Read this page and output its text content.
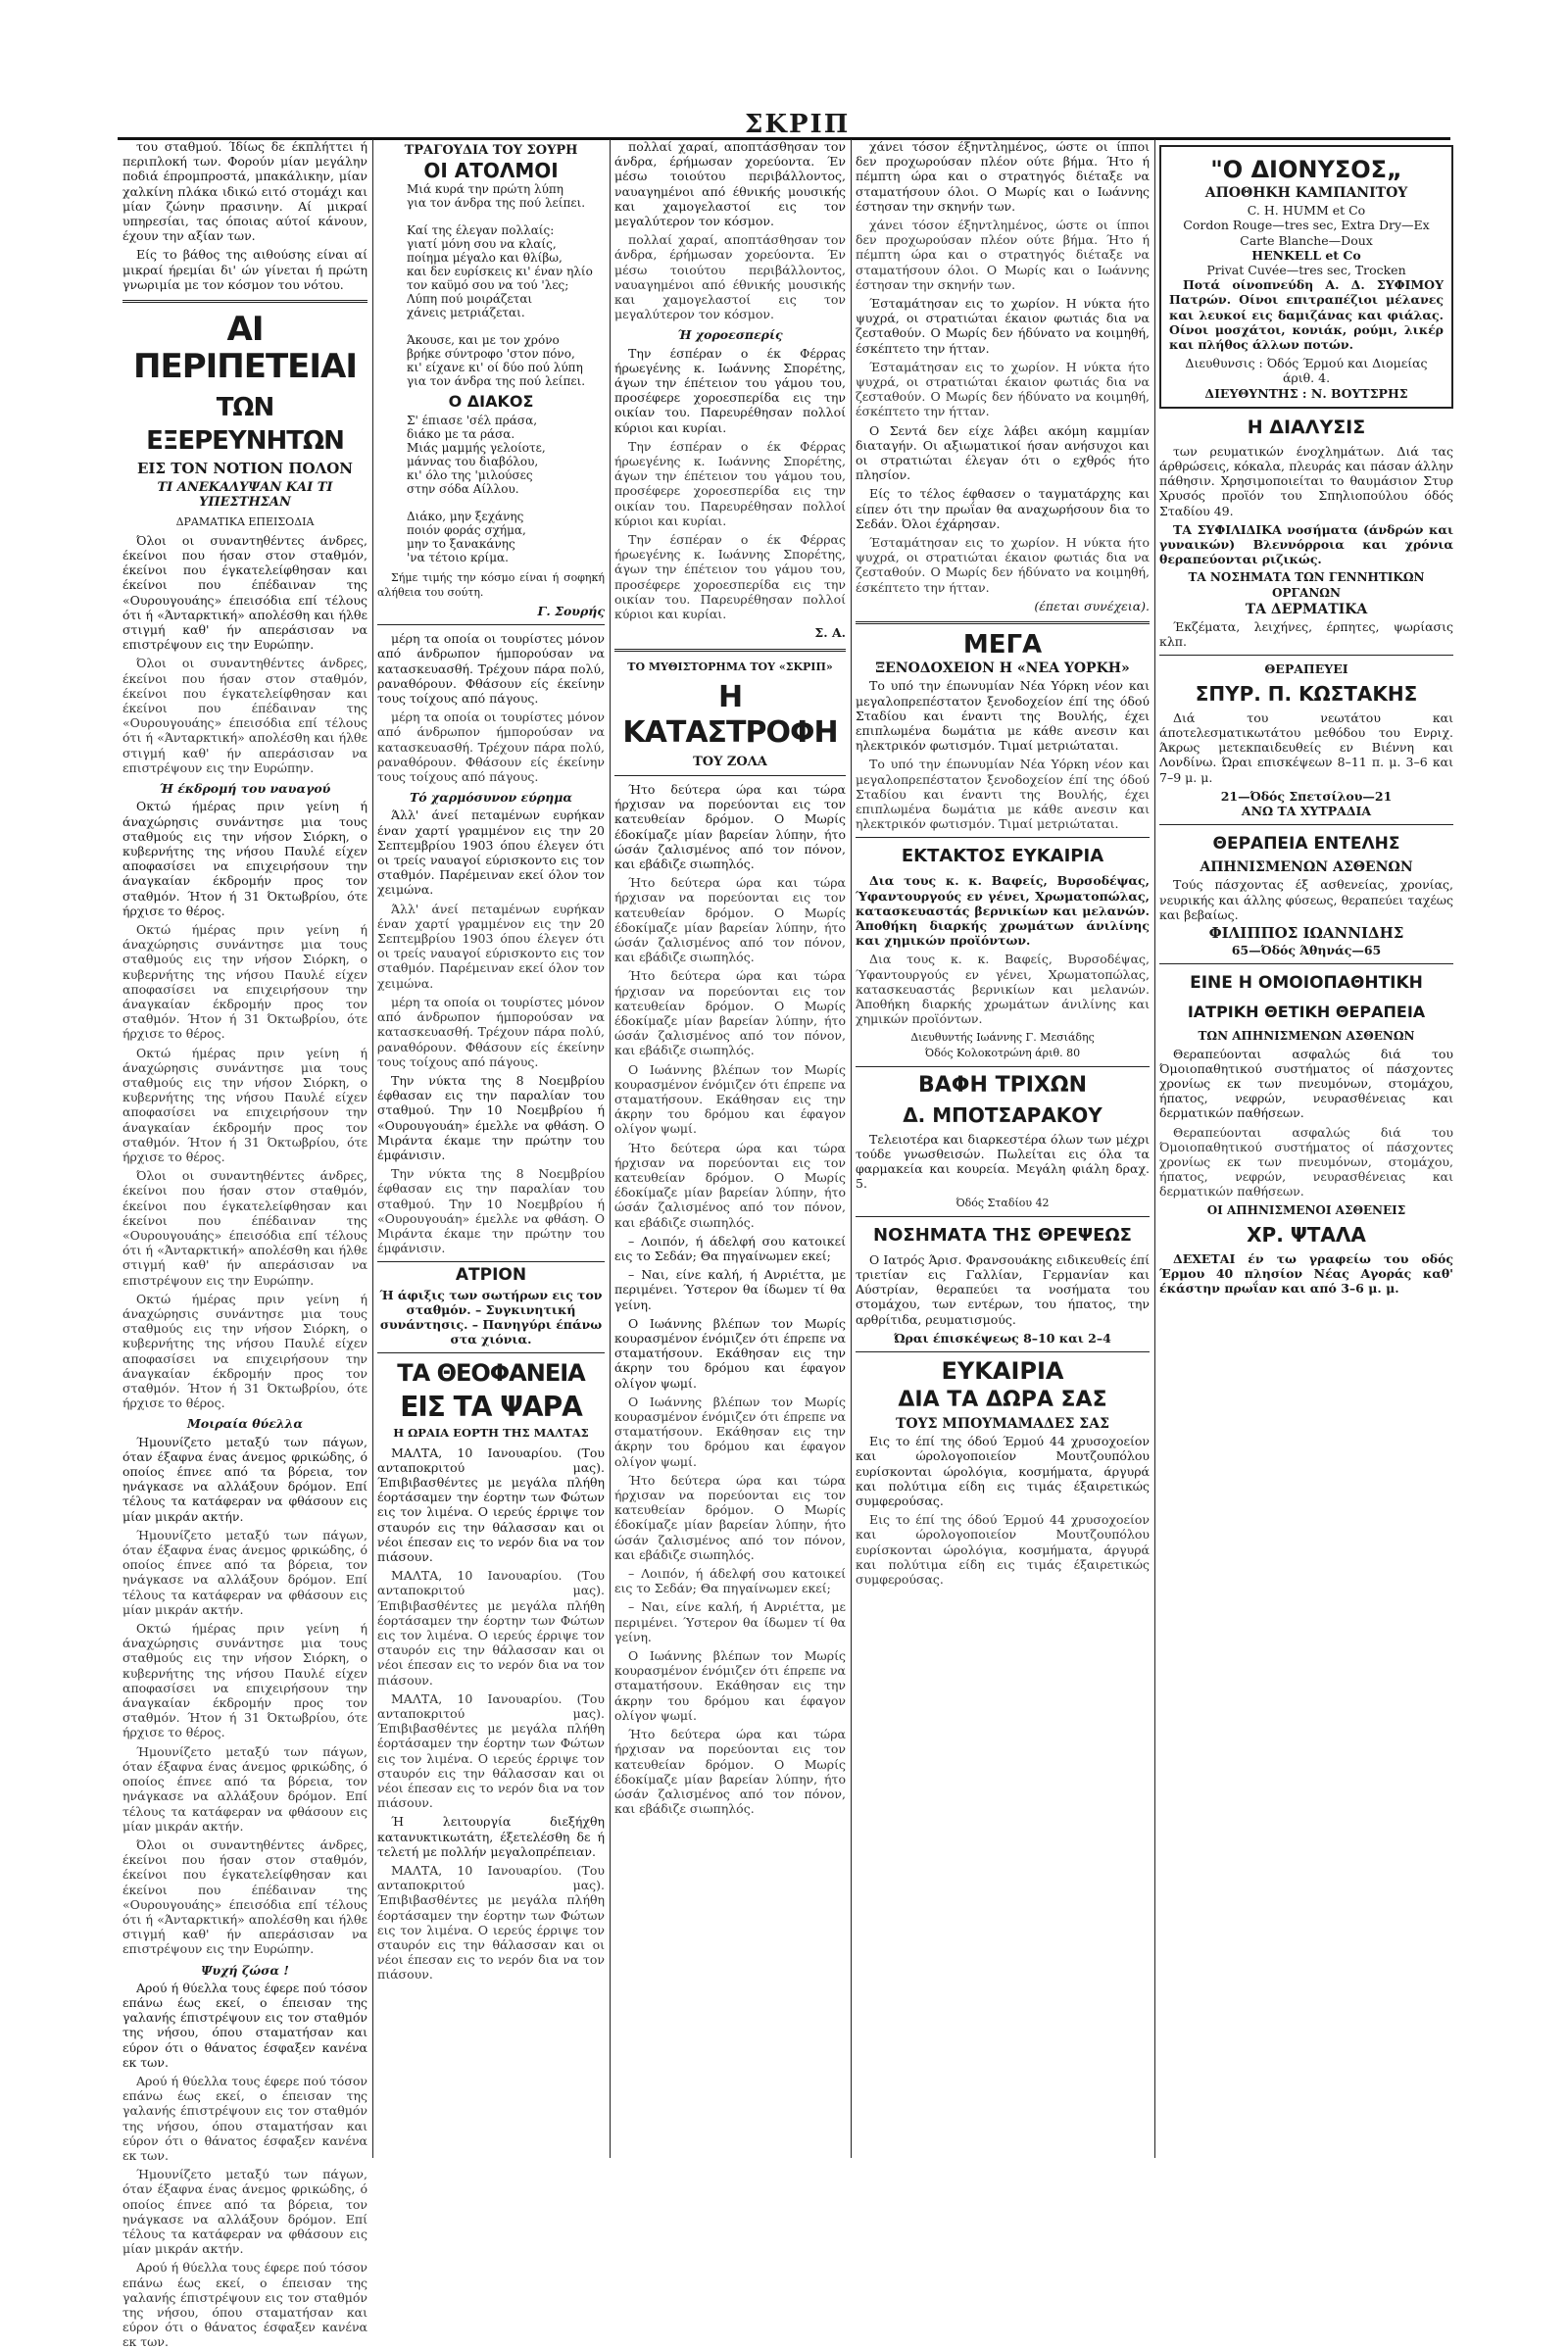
ΣΚΡΙΠ

του σταθμού. Ίδίως δε έκπλήττει ή περιπλοκή των. Φορούν μίαν μεγάλην ποδιά έπρομπροστά, μπακάλικην, μίαν χαλκίνη πλάκα ιδικώ ειτό στομάχι και μίαν ζώνην πρασινην. Αί μικραί υπηρεσίαι, τας όποιας αύτοί κάνουν, έχουν την αξίαν των.

Είς το βάθος της αιθούσης είναι αί μικραί ήρεμίαι δι' ών γίνεται ή πρώτη γνωριμία με τον κόσμον του νότου.

ΑΙ ΠΕΡΙΠΕΤΕΙΑΙ
ΤΩΝ ΕΞΕΡΕΥΝΗΤΩΝ
ΕΙΣ ΤΟΝ ΝΟΤΙΟΝ ΠΟΛΟΝ
ΤΙ ΑΝΕΚΑΛΥΨΑΝ ΚΑΙ ΤΙ ΥΠΕΣΤΗΣΑΝ
ΔΡΑΜΑΤΙΚΑ ΕΠΕΙΣΟΔΙΑ

Όλοι οι συναντηθέντες άνδρες, έκείνοι που ήσαν στον σταθμόν, έκείνοι που έγκατελείφθησαν και έκείνοι που έπέδαιναν της «Ουρουγουάης» έπεισόδια επί τέλους ότι ή «Άνταρκτική» απολέσθη και ήλθε στιγμή καθ' ήν απεράσισαν να επιστρέψουν εις την Ευρώπην.

Όλοι οι συναντηθέντες άνδρες, έκείνοι που ήσαν στον σταθμόν, έκείνοι που έγκατελείφθησαν και έκείνοι που έπέδαιναν της «Ουρουγουάης» έπεισόδια επί τέλους ότι ή «Άνταρκτική» απολέσθη και ήλθε στιγμή καθ' ήν απεράσισαν να επιστρέψουν εις την Ευρώπην.

Ή έκδρομή του ναυαγού

Οκτώ ήμέρας πριν γείνη ή άναχώρησις συνάντησε μια τους σταθμούς εις την νήσον Σιόρκη, ο κυβερνήτης της νήσου Παυλέ είχεν αποφασίσει να επιχειρήσουν την άναγκαίαν έκδρομήν προς τον σταθμόν. Ήτον ή 31 Όκτωβρίου, ότε ήρχισε το θέρος.

Οκτώ ήμέρας πριν γείνη ή άναχώρησις συνάντησε μια τους σταθμούς εις την νήσον Σιόρκη, ο κυβερνήτης της νήσου Παυλέ είχεν αποφασίσει να επιχειρήσουν την άναγκαίαν έκδρομήν προς τον σταθμόν. Ήτον ή 31 Όκτωβρίου, ότε ήρχισε το θέρος.

Οκτώ ήμέρας πριν γείνη ή άναχώρησις συνάντησε μια τους σταθμούς εις την νήσον Σιόρκη, ο κυβερνήτης της νήσου Παυλέ είχεν αποφασίσει να επιχειρήσουν την άναγκαίαν έκδρομήν προς τον σταθμόν. Ήτον ή 31 Όκτωβρίου, ότε ήρχισε το θέρος.

Όλοι οι συναντηθέντες άνδρες, έκείνοι που ήσαν στον σταθμόν, έκείνοι που έγκατελείφθησαν και έκείνοι που έπέδαιναν της «Ουρουγουάης» έπεισόδια επί τέλους ότι ή «Άνταρκτική» απολέσθη και ήλθε στιγμή καθ' ήν απεράσισαν να επιστρέψουν εις την Ευρώπην.

Οκτώ ήμέρας πριν γείνη ή άναχώρησις συνάντησε μια τους σταθμούς εις την νήσον Σιόρκη, ο κυβερνήτης της νήσου Παυλέ είχεν αποφασίσει να επιχειρήσουν την άναγκαίαν έκδρομήν προς τον σταθμόν. Ήτον ή 31 Όκτωβρίου, ότε ήρχισε το θέρος.

Μοιραία θύελλα

Ήμουνίζετο μεταξύ των πάγων, όταν έξαφνα ένας άνεμος φρικώδης, ό οποίος έπνεε από τα βόρεια, τον ηνάγκασε να αλλάξουν δρόμον. Επί τέλους τα κατάφεραν να φθάσουν εις μίαν μικράν ακτήν.

Ήμουνίζετο μεταξύ των πάγων, όταν έξαφνα ένας άνεμος φρικώδης, ό οποίος έπνεε από τα βόρεια, τον ηνάγκασε να αλλάξουν δρόμον. Επί τέλους τα κατάφεραν να φθάσουν εις μίαν μικράν ακτήν.

Οκτώ ήμέρας πριν γείνη ή άναχώρησις συνάντησε μια τους σταθμούς εις την νήσον Σιόρκη, ο κυβερνήτης της νήσου Παυλέ είχεν αποφασίσει να επιχειρήσουν την άναγκαίαν έκδρομήν προς τον σταθμόν. Ήτον ή 31 Όκτωβρίου, ότε ήρχισε το θέρος.

Ήμουνίζετο μεταξύ των πάγων, όταν έξαφνα ένας άνεμος φρικώδης, ό οποίος έπνεε από τα βόρεια, τον ηνάγκασε να αλλάξουν δρόμον. Επί τέλους τα κατάφεραν να φθάσουν εις μίαν μικράν ακτήν.

Όλοι οι συναντηθέντες άνδρες, έκείνοι που ήσαν στον σταθμόν, έκείνοι που έγκατελείφθησαν και έκείνοι που έπέδαιναν της «Ουρουγουάης» έπεισόδια επί τέλους ότι ή «Άνταρκτική» απολέσθη και ήλθε στιγμή καθ' ήν απεράσισαν να επιστρέψουν εις την Ευρώπην.

Ψυχή ζώσα !

Αρού ή θύελλα τους έφερε πού τόσον επάνω έως εκεί, ο έπεισαν της γαλανής έπιστρέψουν εις τον σταθμόν της νήσου, όπου σταματήσαν και εύρον ότι ο θάνατος έσφαξεν κανένα εκ των.

Αρού ή θύελλα τους έφερε πού τόσον επάνω έως εκεί, ο έπεισαν της γαλανής έπιστρέψουν εις τον σταθμόν της νήσου, όπου σταματήσαν και εύρον ότι ο θάνατος έσφαξεν κανένα εκ των.

Ήμουνίζετο μεταξύ των πάγων, όταν έξαφνα ένας άνεμος φρικώδης, ό οποίος έπνεε από τα βόρεια, τον ηνάγκασε να αλλάξουν δρόμον. Επί τέλους τα κατάφεραν να φθάσουν εις μίαν μικράν ακτήν.

Αρού ή θύελλα τους έφερε πού τόσον επάνω έως εκεί, ο έπεισαν της γαλανής έπιστρέψουν εις τον σταθμόν της νήσου, όπου σταματήσαν και εύρον ότι ο θάνατος έσφαξεν κανένα εκ των.

ΤΡΑΓΟΥΔΙΑ ΤΟΥ ΣΟΥΡΗ
ΟΙ ΑΤΟΛΜΟΙ
Μιά κυρά την πρώτη λύπη
για τον άνδρα της πού λείπει.

Καί της έλεγαν πολλαίς:
γιατί μόνη σου να κλαίς,
ποίημα μέγαλο και θλίβω,
και δεν ευρίσκεις κι' έναν ηλίο
τον καϋμό σου να τού 'λες;
Λύπη πού μοιράζεται
χάνεις μετριάζεται.

Άκουσε, και με τον χρόνο
βρήκε σύντροφο 'στον πόνο,
κι' είχανε κι' οί δύο πού λύπη
για τον άνδρα της πού λείπει.
Ο ΔΙΑΚΟΣ
Σ' έπιασε 'σέλ πράσα,
διάκο με τα ράσα.
Μιάς μαμμής γελοίοτε,
μάννας του διαβόλου,
κι' όλο της 'μιλούσες
στην σόδα Αίλλου.

Διάκο, μην ξεχάνης
ποιόν φοράς σχήμα,
μην το ξανακάνης
'να τέτοιο κρίμα.

Σήμε τιμής την κόσμο είναι ή σοφηκή αλήθεια του σούτη.

Γ. Σουρής

μέρη τα οποία οι τουρίστες μόνον από άνδρωπον ήμπορούσαν να κατασκευασθή. Τρέχουν πάρα πολύ, ραναθόρουν. Φθάσουν είς έκείνην τους τοίχους από πάγους.

μέρη τα οποία οι τουρίστες μόνον από άνδρωπον ήμπορούσαν να κατασκευασθή. Τρέχουν πάρα πολύ, ραναθόρουν. Φθάσουν είς έκείνην τους τοίχους από πάγους.

Τό χαρμόσυνον εύρημα

Άλλ' άνεί πεταμένων ευρήκαν έναν χαρτί γραμμένον εις την 20 Σεπτεμβρίου 1903 όπου έλεγεν ότι οι τρείς ναυαγοί εύρισκοντο εις τον σταθμόν. Παρέμειναν εκεί όλον τον χειμώνα.

Άλλ' άνεί πεταμένων ευρήκαν έναν χαρτί γραμμένον εις την 20 Σεπτεμβρίου 1903 όπου έλεγεν ότι οι τρείς ναυαγοί εύρισκοντο εις τον σταθμόν. Παρέμειναν εκεί όλον τον χειμώνα.

μέρη τα οποία οι τουρίστες μόνον από άνδρωπον ήμπορούσαν να κατασκευασθή. Τρέχουν πάρα πολύ, ραναθόρουν. Φθάσουν είς έκείνην τους τοίχους από πάγους.

Την νύκτα της 8 Νοεμβρίου έφθασαν εις την παραλίαν του σταθμού. Την 10 Νοεμβρίου ή «Ουρουγουάη» έμελλε να φθάση. Ο Μιράντα έκαμε την πρώτην του έμφάνισιν.

Την νύκτα της 8 Νοεμβρίου έφθασαν εις την παραλίαν του σταθμού. Την 10 Νοεμβρίου ή «Ουρουγουάη» έμελλε να φθάση. Ο Μιράντα έκαμε την πρώτην του έμφάνισιν.

ΑΤΡΙΟΝ

Ή άφιξις των σωτήρων εις τον σταθμόν. – Συγκινητική συνάντησις. – Πανηγύρι έπάνω στα χιόνια.

ΤΑ ΘΕΟΦΑΝΕΙΑ
ΕΙΣ ΤΑ ΨΑΡΑ
Η ΩΡΑΙΑ ΕΟΡΤΗ ΤΗΣ ΜΑΛΤΑΣ

ΜΑΛΤΑ, 10 Ιανουαρίου. (Του ανταποκριτού μας). Έπιβιβασθέντες με μεγάλα πλήθη έορτάσαμεν την έορτην των Φώτων εις τον λιμένα. Ο ιερεύς έρριψε τον σταυρόν εις την θάλασσαν και οι νέοι έπεσαν εις το νερόν δια να τον πιάσουν.

ΜΑΛΤΑ, 10 Ιανουαρίου. (Του ανταποκριτού μας). Έπιβιβασθέντες με μεγάλα πλήθη έορτάσαμεν την έορτην των Φώτων εις τον λιμένα. Ο ιερεύς έρριψε τον σταυρόν εις την θάλασσαν και οι νέοι έπεσαν εις το νερόν δια να τον πιάσουν.

ΜΑΛΤΑ, 10 Ιανουαρίου. (Του ανταποκριτού μας). Έπιβιβασθέντες με μεγάλα πλήθη έορτάσαμεν την έορτην των Φώτων εις τον λιμένα. Ο ιερεύς έρριψε τον σταυρόν εις την θάλασσαν και οι νέοι έπεσαν εις το νερόν δια να τον πιάσουν.

Ή λειτουργία διεξήχθη κατανυκτικωτάτη, έξετελέσθη δε ή τελετή με πολλήν μεγαλοπρέπειαν.

ΜΑΛΤΑ, 10 Ιανουαρίου. (Του ανταποκριτού μας). Έπιβιβασθέντες με μεγάλα πλήθη έορτάσαμεν την έορτην των Φώτων εις τον λιμένα. Ο ιερεύς έρριψε τον σταυρόν εις την θάλασσαν και οι νέοι έπεσαν εις το νερόν δια να τον πιάσουν.

πολλαί χαραί, αποπτάσθησαν τον άνδρα, έρήμωσαν χορεύοντα. Έν μέσω τοιούτου περιβάλλοντος, ναυαγημένοι από έθνικής μουσικής και χαμογελαστοί εις τον μεγαλύτερον τον κόσμον.

πολλαί χαραί, αποπτάσθησαν τον άνδρα, έρήμωσαν χορεύοντα. Έν μέσω τοιούτου περιβάλλοντος, ναυαγημένοι από έθνικής μουσικής και χαμογελαστοί εις τον μεγαλύτερον τον κόσμον.

Ή χοροεσπερίς

Την έσπέραν ο έκ Φέρρας ήρωεγένης κ. Ιωάννης Σπορέτης, άγων την έπέτειον του γάμου του, προσέφερε χοροεσπερίδα εις την οικίαν του. Παρευρέθησαν πολλοί κύριοι και κυρίαι.

Την έσπέραν ο έκ Φέρρας ήρωεγένης κ. Ιωάννης Σπορέτης, άγων την έπέτειον του γάμου του, προσέφερε χοροεσπερίδα εις την οικίαν του. Παρευρέθησαν πολλοί κύριοι και κυρίαι.

Την έσπέραν ο έκ Φέρρας ήρωεγένης κ. Ιωάννης Σπορέτης, άγων την έπέτειον του γάμου του, προσέφερε χοροεσπερίδα εις την οικίαν του. Παρευρέθησαν πολλοί κύριοι και κυρίαι.

Σ. Α.
ΤΟ ΜΥΘΙΣΤΟΡΗΜΑ ΤΟΥ «ΣΚΡΙΠ»
Η ΚΑΤΑΣΤΡΟΦΗ
ΤΟΥ ΖΟΛΑ

Ήτο δεύτερα ώρα και τώρα ήρχισαν να πορεύονται εις τον κατευθείαν δρόμον. Ο Μωρίς έδοκίμαζε μίαν βαρείαν λύπην, ήτο ώσάν ζαλισμένος από τον πόνον, και εβάδιζε σιωπηλός.

Ήτο δεύτερα ώρα και τώρα ήρχισαν να πορεύονται εις τον κατευθείαν δρόμον. Ο Μωρίς έδοκίμαζε μίαν βαρείαν λύπην, ήτο ώσάν ζαλισμένος από τον πόνον, και εβάδιζε σιωπηλός.

Ήτο δεύτερα ώρα και τώρα ήρχισαν να πορεύονται εις τον κατευθείαν δρόμον. Ο Μωρίς έδοκίμαζε μίαν βαρείαν λύπην, ήτο ώσάν ζαλισμένος από τον πόνον, και εβάδιζε σιωπηλός.

Ο Ιωάννης βλέπων τον Μωρίς κουρασμένον ένόμιζεν ότι έπρεπε να σταματήσουν. Εκάθησαν εις την άκρην του δρόμου και έφαγον ολίγον ψωμί.

Ήτο δεύτερα ώρα και τώρα ήρχισαν να πορεύονται εις τον κατευθείαν δρόμον. Ο Μωρίς έδοκίμαζε μίαν βαρείαν λύπην, ήτο ώσάν ζαλισμένος από τον πόνον, και εβάδιζε σιωπηλός.

– Λοιπόν, ή άδελφή σου κατοικεί εις το Σεδάν; Θα πηγαίνωμεν εκεί;

– Ναι, είνε καλή, ή Ανριέττα, με περιμένει. Ύστερον θα ίδωμεν τί θα γείνη.

Ο Ιωάννης βλέπων τον Μωρίς κουρασμένον ένόμιζεν ότι έπρεπε να σταματήσουν. Εκάθησαν εις την άκρην του δρόμου και έφαγον ολίγον ψωμί.

Ο Ιωάννης βλέπων τον Μωρίς κουρασμένον ένόμιζεν ότι έπρεπε να σταματήσουν. Εκάθησαν εις την άκρην του δρόμου και έφαγον ολίγον ψωμί.

Ήτο δεύτερα ώρα και τώρα ήρχισαν να πορεύονται εις τον κατευθείαν δρόμον. Ο Μωρίς έδοκίμαζε μίαν βαρείαν λύπην, ήτο ώσάν ζαλισμένος από τον πόνον, και εβάδιζε σιωπηλός.

– Λοιπόν, ή άδελφή σου κατοικεί εις το Σεδάν; Θα πηγαίνωμεν εκεί;

– Ναι, είνε καλή, ή Ανριέττα, με περιμένει. Ύστερον θα ίδωμεν τί θα γείνη.

Ο Ιωάννης βλέπων τον Μωρίς κουρασμένον ένόμιζεν ότι έπρεπε να σταματήσουν. Εκάθησαν εις την άκρην του δρόμου και έφαγον ολίγον ψωμί.

Ήτο δεύτερα ώρα και τώρα ήρχισαν να πορεύονται εις τον κατευθείαν δρόμον. Ο Μωρίς έδοκίμαζε μίαν βαρείαν λύπην, ήτο ώσάν ζαλισμένος από τον πόνον, και εβάδιζε σιωπηλός.

χάνει τόσον έξηντλημένος, ώστε οι ίπποι δεν προχωρούσαν πλέον ούτε βήμα. Ήτο ή πέμπτη ώρα και ο στρατηγός διέταξε να σταματήσουν όλοι. Ο Μωρίς και ο Ιωάννης έστησαν την σκηνήν των.

χάνει τόσον έξηντλημένος, ώστε οι ίπποι δεν προχωρούσαν πλέον ούτε βήμα. Ήτο ή πέμπτη ώρα και ο στρατηγός διέταξε να σταματήσουν όλοι. Ο Μωρίς και ο Ιωάννης έστησαν την σκηνήν των.

Έσταμάτησαν εις το χωρίον. Η νύκτα ήτο ψυχρά, οι στρατιώται έκαιον φωτιάς δια να ζεσταθούν. Ο Μωρίς δεν ήδύνατο να κοιμηθή, έσκέπτετο την ήτταν.

Έσταμάτησαν εις το χωρίον. Η νύκτα ήτο ψυχρά, οι στρατιώται έκαιον φωτιάς δια να ζεσταθούν. Ο Μωρίς δεν ήδύνατο να κοιμηθή, έσκέπτετο την ήτταν.

Ο Σεντά δεν είχε λάβει ακόμη καμμίαν διαταγήν. Οι αξιωματικοί ήσαν ανήσυχοι και οι στρατιώται έλεγαν ότι ο εχθρός ήτο πλησίον.

Είς το τέλος έφθασεν ο ταγματάρχης και είπεν ότι την πρωΐαν θα αναχωρήσουν δια το Σεδάν. Όλοι έχάρησαν.

Έσταμάτησαν εις το χωρίον. Η νύκτα ήτο ψυχρά, οι στρατιώται έκαιον φωτιάς δια να ζεσταθούν. Ο Μωρίς δεν ήδύνατο να κοιμηθή, έσκέπτετο την ήτταν.

(έπεται συνέχεια).
ΜΕΓΑ
ΞΕΝΟΔΟΧΕΙΟΝ Η «ΝΕΑ ΥΟΡΚΗ»

Το υπό την έπωνυμίαν Νέα Υόρκη νέον και μεγαλοπρεπέστατον ξενοδοχείον έπί της όδού Σταδίου και έναντι της Βουλής, έχει επιπλωμένα δωμάτια με κάθε ανεσιν και ηλεκτρικόν φωτισμόν. Τιμαί μετριώταται.

Το υπό την έπωνυμίαν Νέα Υόρκη νέον και μεγαλοπρεπέστατον ξενοδοχείον έπί της όδού Σταδίου και έναντι της Βουλής, έχει επιπλωμένα δωμάτια με κάθε ανεσιν και ηλεκτρικόν φωτισμόν. Τιμαί μετριώταται.

ΕΚΤΑΚΤΟΣ ΕΥΚΑΙΡΙΑ

Δια τους κ. κ. Βαφείς, Βυρσοδέψας, Ύφαντουργούς εν γένει, Χρωματοπώλας, κατασκευαστάς βερνικίων και μελανών. Άποθήκη διαρκής χρωμάτων άνιλίνης και χημικών προϊόντων.

Δια τους κ. κ. Βαφείς, Βυρσοδέψας, Ύφαντουργούς εν γένει, Χρωματοπώλας, κατασκευαστάς βερνικίων και μελανών. Άποθήκη διαρκής χρωμάτων άνιλίνης και χημικών προϊόντων.

Διευθυντής Ιωάννης Γ. Μεσιάδης
Όδός Κολοκοτρώνη άριθ. 80
ΒΑΦΗ ΤΡΙΧΩΝ
Δ. ΜΠΟΤΣΑΡΑΚΟΥ

Τελειοτέρα και διαρκεστέρα όλων των μέχρι τούδε γνωσθεισών. Πωλείται εις όλα τα φαρμακεία και κουρεία. Μεγάλη φιάλη δραχ. 5.

Όδός Σταδίου 42
ΝΟΣΗΜΑΤΑ ΤΗΣ ΘΡΕΨΕΩΣ

Ο Ιατρός Άρισ. Φρανσουάκης ειδικευθείς έπί τριετίαν εις Γαλλίαν, Γερμανίαν και Αύστρίαν, θεραπεύει τα νοσήματα του στομάχου, των εντέρων, του ήπατος, την αρθρίτιδα, ρευματισμούς.

Ώραι έπισκέψεως 8–10 και 2–4
ΕΥΚΑΙΡΙΑ
ΔΙΑ ΤΑ ΔΩΡΑ ΣΑΣ
ΤΟΥΣ ΜΠΟΥΜΑΜΑΔΕΣ ΣΑΣ

Εις το έπί της όδού Έρμού 44 χρυσοχοείον και ώρολογοποιείον Μουτζουπόλου ευρίσκονται ώρολόγια, κοσμήματα, άργυρά και πολύτιμα είδη εις τιμάς έξαιρετικώς συμφερούσας.

Εις το έπί της όδού Έρμού 44 χρυσοχοείον και ώρολογοποιείον Μουτζουπόλου ευρίσκονται ώρολόγια, κοσμήματα, άργυρά και πολύτιμα είδη εις τιμάς έξαιρετικώς συμφερούσας.

"Ο ΔΙΟΝΥΣΟΣ„
ΑΠΟΘΗΚΗ ΚΑΜΠΑΝΙΤΟΥ
C. H. HUMM et Co
Cordon Rouge—tres sec, Extra Dry—Ex Carte Blanche—Doux
HENKELL et Co
Privat Cuvée—tres sec, Trocken

Ποτά οίνοπνεύδη Α. Δ. ΣΥΦΙΜΟΥ Πατρών. Οίνοι επιτραπέζιοι μέλανες και λευκοί εις δαμιζάνας και φιάλας. Οίνοι μοσχάτοι, κονιάκ, ρούμι, λικέρ και πλήθος άλλων ποτών.

Διευθυνσις : Όδός Έρμού και Διομείας άριθ. 4.
ΔΙΕΥΘΥΝΤΗΣ : Ν. ΒΟΥΤΣΡΗΣ
Η ΔΙΑΛΥΣΙΣ

των ρευματικών ένοχλημάτων. Διά τας άρθρώσεις, κόκαλα, πλευράς και πάσαν άλλην πάθησιν. Χρησιμοποιείται το θαυμάσιον Στυρ Χρυσός προϊόν του Σπηλιοπούλου όδός Σταδίου 49.

ΤΑ ΣΥΦΙΛΙΔΙΚΑ νοσήματα (άνδρών και γυναικών) Βλεννόρροια και χρόνια θεραπεύονται ριζικώς.

ΤΑ ΝΟΣΗΜΑΤΑ ΤΩΝ ΓΕΝΝΗΤΙΚΩΝ ΟΡΓΑΝΩΝ
ΤΑ ΔΕΡΜΑΤΙΚΑ

Έκζέματα, λειχήνες, έρπητες, ψωρίασις κλπ.

ΘΕΡΑΠΕΥΕΙ
ΣΠΥΡ. Π. ΚΩΣΤΑΚΗΣ

Διά του νεωτάτου και άποτελεσματικωτάτου μεθόδου του Ενριχ. Άκρως μετεκπαιδευθείς εν Βιέννη και Λονδίνω. Ώραι επισκέψεων 8–11 π. μ. 3–6 και 7–9 μ. μ.

21—Όδός Σπετσίλου—21
ΑΝΩ ΤΑ ΧΥΤΡΑΔΙΑ
ΘΕΡΑΠΕΙΑ ΕΝΤΕΛΗΣ
ΑΠΗΝΙΣΜΕΝΩΝ ΑΣΘΕΝΩΝ

Τούς πάσχοντας έξ ασθενείας, χρονίας, νευρικής και άλλης φύσεως, θεραπεύει ταχέως και βεβαίως.

ΦΙΛΙΠΠΟΣ ΙΩΑΝΝΙΔΗΣ
65—Όδός Άθηνάς—65
ΕΙΝΕ Η ΟΜΟΙΟΠΑΘΗΤΙΚΗ
ΙΑΤΡΙΚΗ ΘΕΤΙΚΗ ΘΕΡΑΠΕΙΑ
ΤΩΝ ΑΠΗΝΙΣΜΕΝΩΝ ΑΣΘΕΝΩΝ

Θεραπεύονται ασφαλώς διά του Όμοιοπαθητικού συστήματος οί πάσχοντες χρονίως εκ των πνευμόνων, στομάχου, ήπατος, νεφρών, νευρασθένειας και δερματικών παθήσεων.

Θεραπεύονται ασφαλώς διά του Όμοιοπαθητικού συστήματος οί πάσχοντες χρονίως εκ των πνευμόνων, στομάχου, ήπατος, νεφρών, νευρασθένειας και δερματικών παθήσεων.

ΟΙ ΑΠΗΝΙΣΜΕΝΟΙ ΑΣΘΕΝΕΙΣ
ΧΡ. ΨΤΑΛΑ

ΔΕΧΕΤΑΙ έν τω γραφείω του οδός Έρμου 40 πλησίον Νέας Αγοράς καθ' έκάστην πρωΐαν και από 3–6 μ. μ.
